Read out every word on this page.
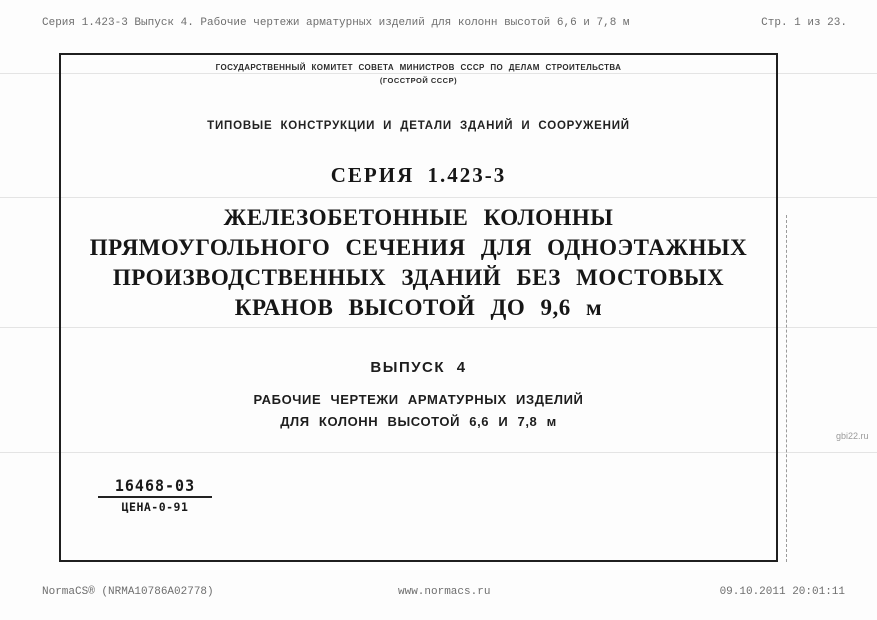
Серия 1.423-3 Выпуск 4. Рабочие чертежи арматурных изделий для колонн высотой 6,6 и 7,8 м	Стр. 1 из 23.
ГОСУДАРСТВЕННЫЙ КОМИТЕТ СОВЕТА МИНИСТРОВ СССР ПО ДЕЛАМ СТРОИТЕЛЬСТВА
(ГОССТРОЙ СССР)
ТИПОВЫЕ КОНСТРУКЦИИ И ДЕТАЛИ ЗДАНИЙ И СООРУЖЕНИЙ
СЕРИЯ 1.423-3
ЖЕЛЕЗОБЕТОННЫЕ КОЛОННЫ
ПРЯМОУГОЛЬНОГО СЕЧЕНИЯ ДЛЯ ОДНОЭТАЖНЫХ
ПРОИЗВОДСТВЕННЫХ ЗДАНИЙ БЕЗ МОСТОВЫХ
КРАНОВ ВЫСОТОЙ ДО 9,6 м
ВЫПУСК 4
РАБОЧИЕ ЧЕРТЕЖИ АРМАТУРНЫХ ИЗДЕЛИЙ
ДЛЯ КОЛОНН ВЫСОТОЙ 6,6 И 7,8 м
16468-03
ЦЕНА-0-91
gbi22.ru
NormaCS® (NRMA10786A02778)	www.normacs.ru	09.10.2011 20:01:11
